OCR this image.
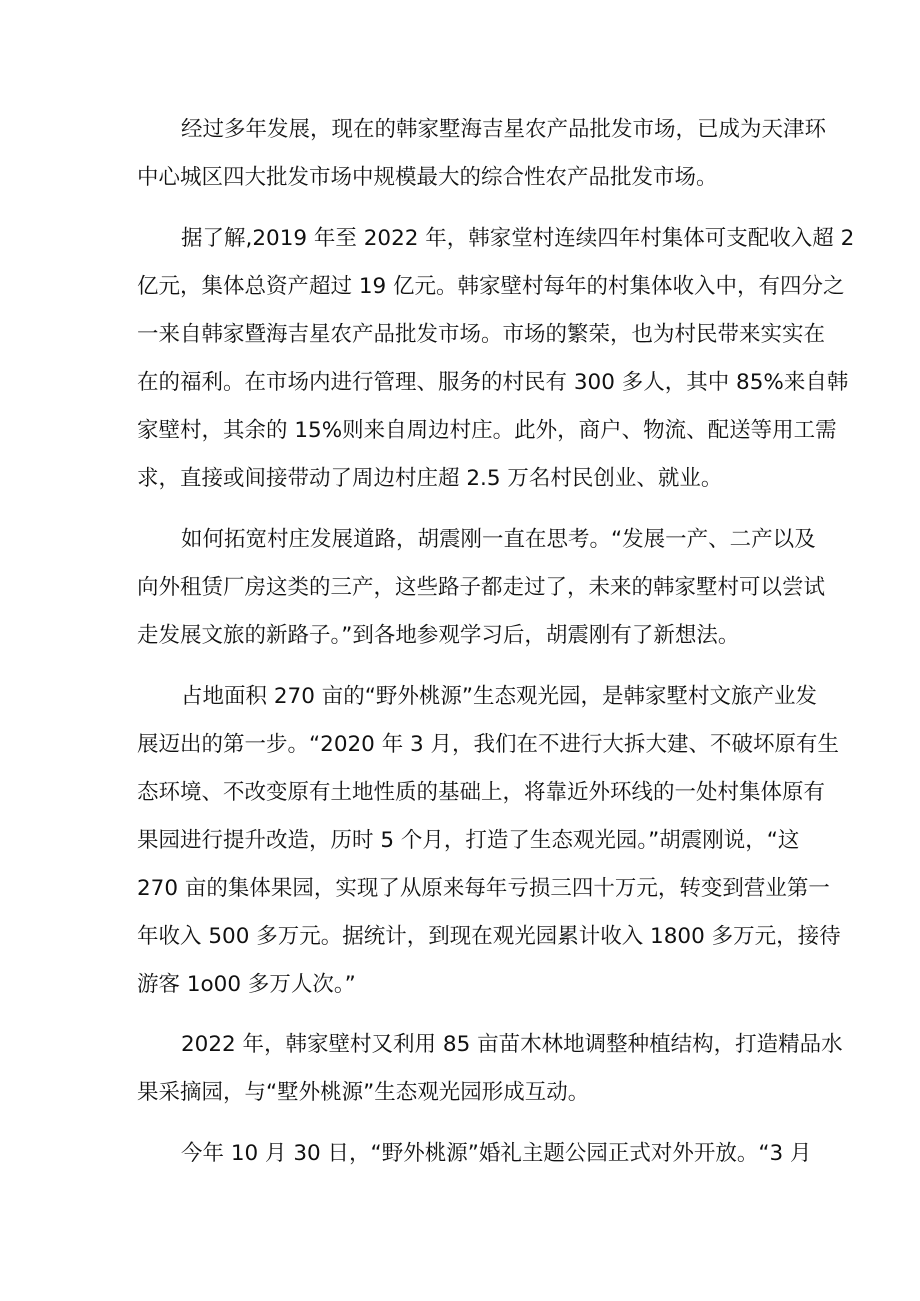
经过多年发展，现在的韩家墅海吉星农产品批发市场，已成为天津环
中心城区四大批发市场中规模最大的综合性农产品批发市场。
据了解,2019 年至 2022 年，韩家堂村连续四年村集体可支配收入超 2
亿元，集体总资产超过 19 亿元。韩家壁村每年的村集体收入中，有四分之
一来自韩家暨海吉星农产品批发市场。市场的繁荣，也为村民带来实实在
在的福利。在市场内进行管理、服务的村民有 300 多人，其中 85%来自韩
家壁村，其余的 15%则来自周边村庄。此外，商户、物流、配送等用工需
求，直接或间接带动了周边村庄超 2.5 万名村民创业、就业。
如何拓宽村庄发展道路，胡震刚一直在思考。“发展一产、二产以及
向外租赁厂房这类的三产，这些路子都走过了，未来的韩家墅村可以尝试
走发展文旅的新路子。”到各地参观学习后，胡震刚有了新想法。
占地面积 270 亩的“野外桃源”生态观光园，是韩家墅村文旅产业发
展迈出的第一步。“2020 年 3 月，我们在不进行大拆大建、不破坏原有生
态环境、不改变原有土地性质的基础上，将靠近外环线的一处村集体原有
果园进行提升改造，历时 5 个月，打造了生态观光园。”胡震刚说，“这
270 亩的集体果园，实现了从原来每年亏损三四十万元，转变到营业第一
年收入 500 多万元。据统计，到现在观光园累计收入 1800 多万元，接待
游客 1o00 多万人次。”
2022 年，韩家壁村又利用 85 亩苗木林地调整种植结构，打造精品水
果采摘园，与“墅外桃源”生态观光园形成互动。
今年 10 月 30 日，“野外桃源”婚礼主题公园正式对外开放。“3 月
